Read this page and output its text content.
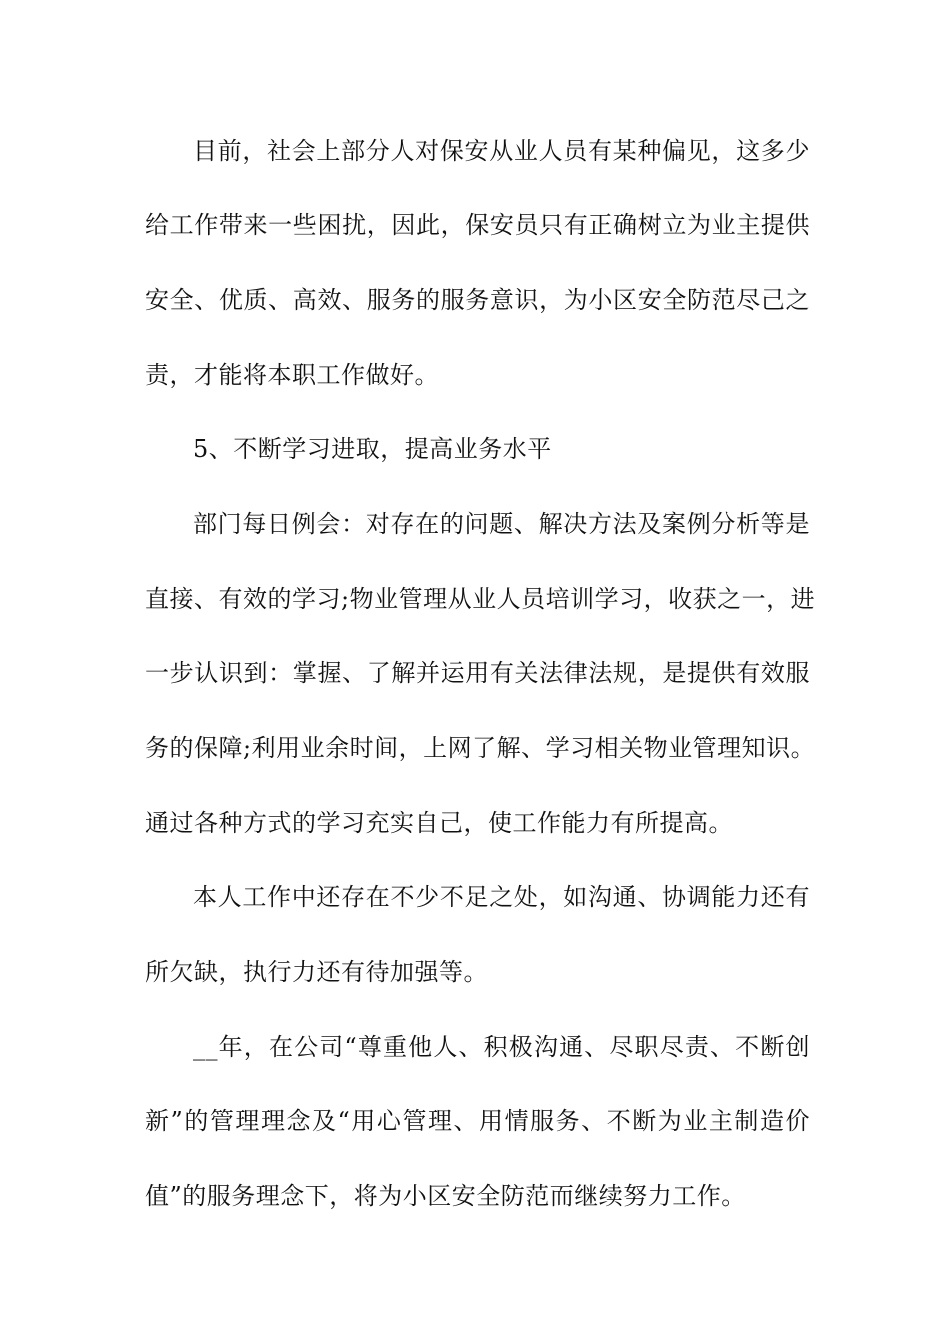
目前，社会上部分人对保安从业人员有某种偏见，这多少
给工作带来一些困扰，因此，保安员只有正确树立为业主提供
安全、优质、高效、服务的服务意识，为小区安全防范尽己之
责，才能将本职工作做好。
5、不断学习进取，提高业务水平
部门每日例会：对存在的问题、解决方法及案例分析等是
直接、有效的学习;物业管理从业人员培训学习，收获之一，进
一步认识到：掌握、了解并运用有关法律法规，是提供有效服
务的保障;利用业余时间，上网了解、学习相关物业管理知识。
通过各种方式的学习充实自己，使工作能力有所提高。
本人工作中还存在不少不足之处，如沟通、协调能力还有
所欠缺，执行力还有待加强等。
__年，在公司“尊重他人、积极沟通、尽职尽责、不断创
新”的管理理念及“用心管理、用情服务、不断为业主制造价
值”的服务理念下，将为小区安全防范而继续努力工作。
